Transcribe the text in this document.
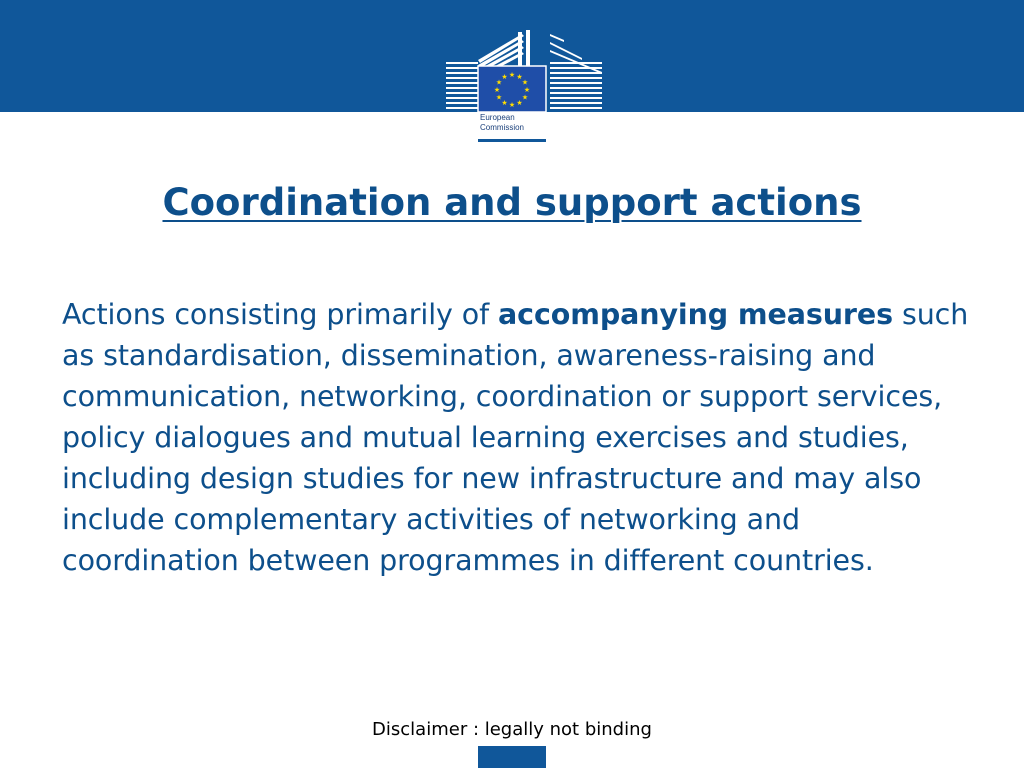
★ ★
★
★
★
★
★
★
★
★
★
★
European
Commission
Coordination and support actions

Actions consisting primarily of accompanying measures such as standardisation, dissemination, awareness-raising and communication, networking, coordination or support services, policy dialogues and mutual learning exercises and studies, including design studies for new infrastructure and may also include complementary activities of networking and coordination between programmes in different countries.

Disclaimer : legally not binding
